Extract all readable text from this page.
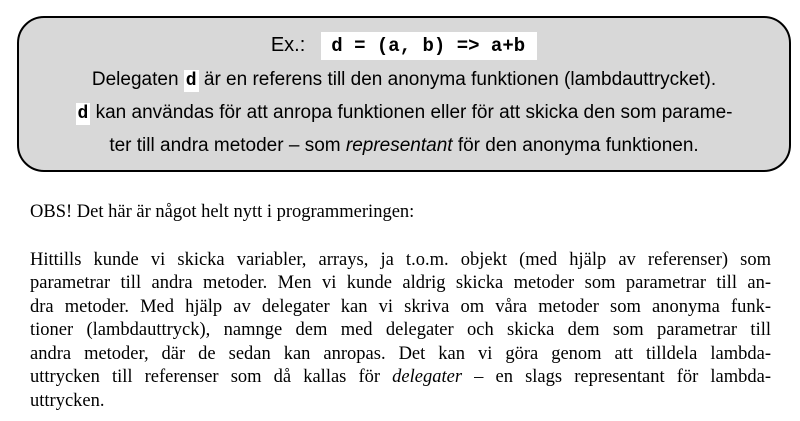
Ex.: d = (a, b) => a+b
Delegaten d är en referens till den anonyma funktionen (lambdauttrycket).
d kan användas för att anropa funktionen eller för att skicka den som parame-
ter till andra metoder – som representant för den anonyma funktionen.
OBS! Det här är något helt nytt i programmeringen:
Hittills kunde vi skicka variabler, arrays, ja t.o.m. objekt (med hjälp av referenser) som
parametrar till andra metoder. Men vi kunde aldrig skicka metoder som parametrar till an-
dra metoder. Med hjälp av delegater kan vi skriva om våra metoder som anonyma funk-
tioner (lambdauttryck), namnge dem med delegater och skicka dem som parametrar till
andra metoder, där de sedan kan anropas. Det kan vi göra genom att tilldela lambda-
uttrycken till referenser som då kallas för delegater – en slags representant för lambda-
uttrycken.
